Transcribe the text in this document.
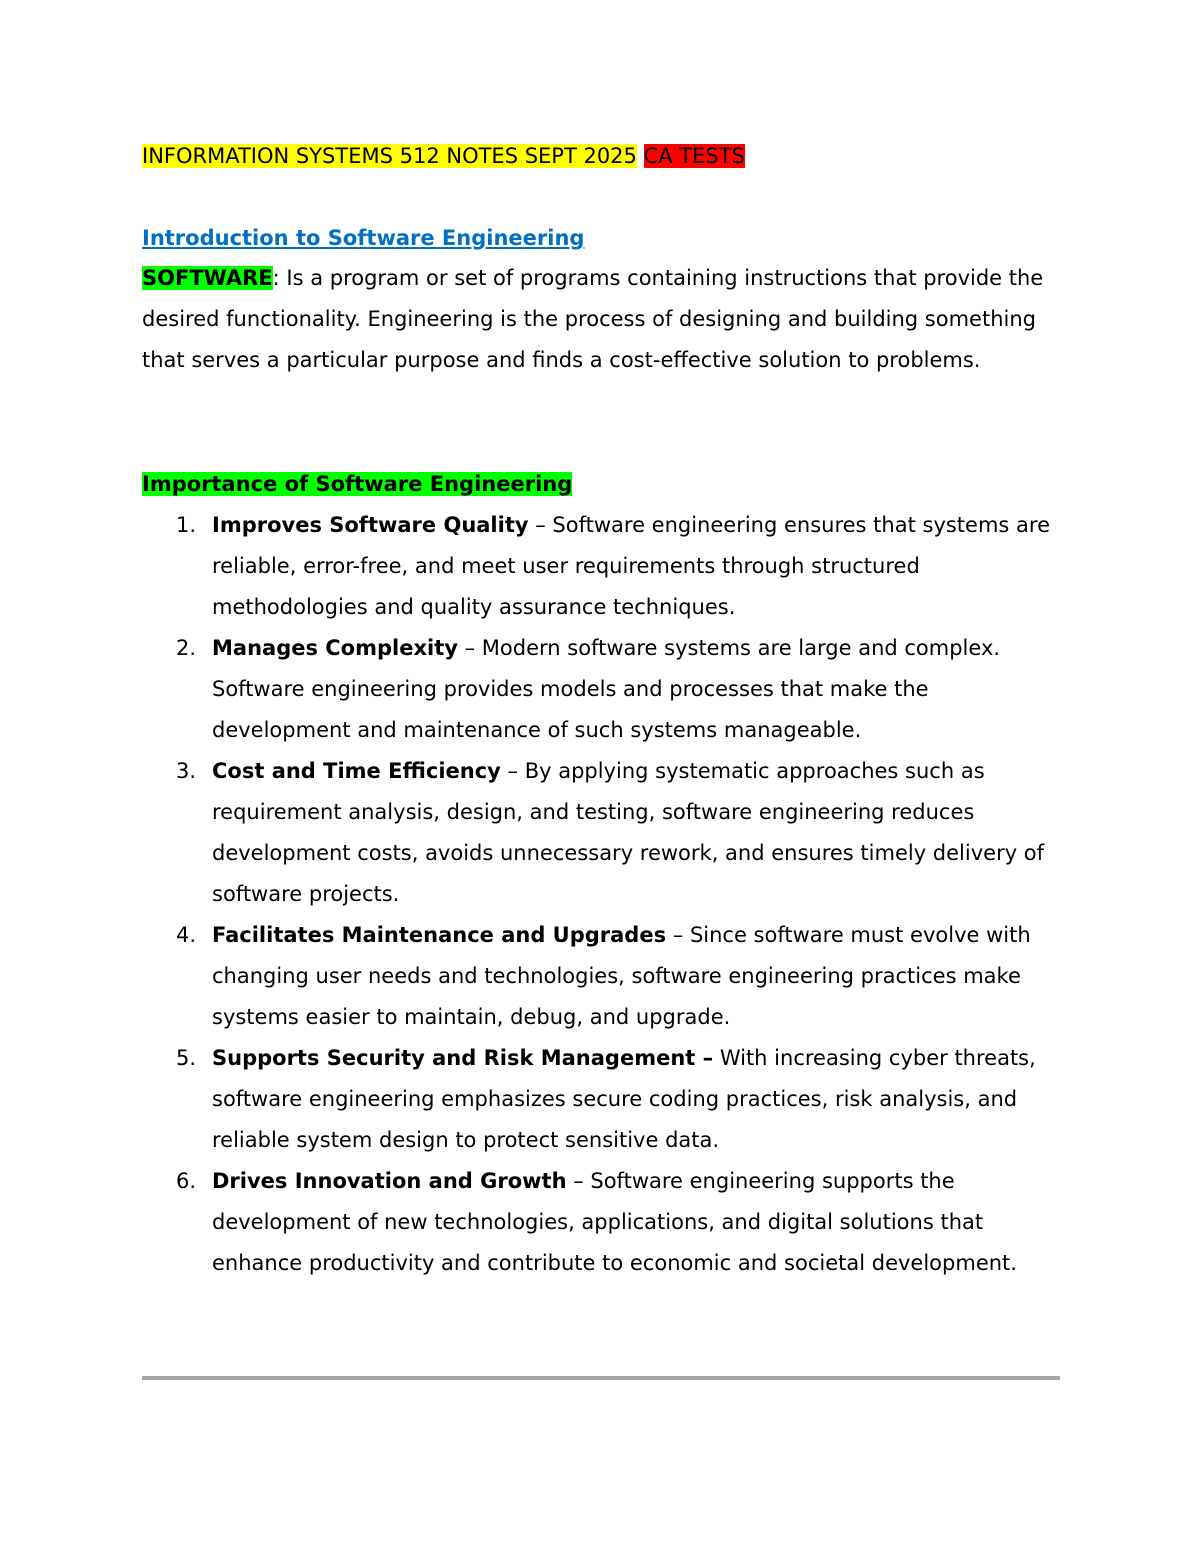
INFORMATION SYSTEMS 512 NOTES SEPT 2025 CA TESTS
Introduction to Software Engineering

SOFTWARE: Is a program or set of programs containing instructions that provide the desired functionality. Engineering is the process of designing and building something that serves a particular purpose and finds a cost-effective solution to problems.

Importance of Software Engineering
1. Improves Software Quality – Software engineering ensures that systems are reliable, error-free, and meet user requirements through structured methodologies and quality assurance techniques.
2. Manages Complexity – Modern software systems are large and complex. Software engineering provides models and processes that make the development and maintenance of such systems manageable.
3. Cost and Time Efficiency – By applying systematic approaches such as requirement analysis, design, and testing, software engineering reduces development costs, avoids unnecessary rework, and ensures timely delivery of software projects.
4. Facilitates Maintenance and Upgrades – Since software must evolve with changing user needs and technologies, software engineering practices make systems easier to maintain, debug, and upgrade.
5. Supports Security and Risk Management – With increasing cyber threats, software engineering emphasizes secure coding practices, risk analysis, and reliable system design to protect sensitive data.
6. Drives Innovation and Growth – Software engineering supports the development of new technologies, applications, and digital solutions that enhance productivity and contribute to economic and societal development.
